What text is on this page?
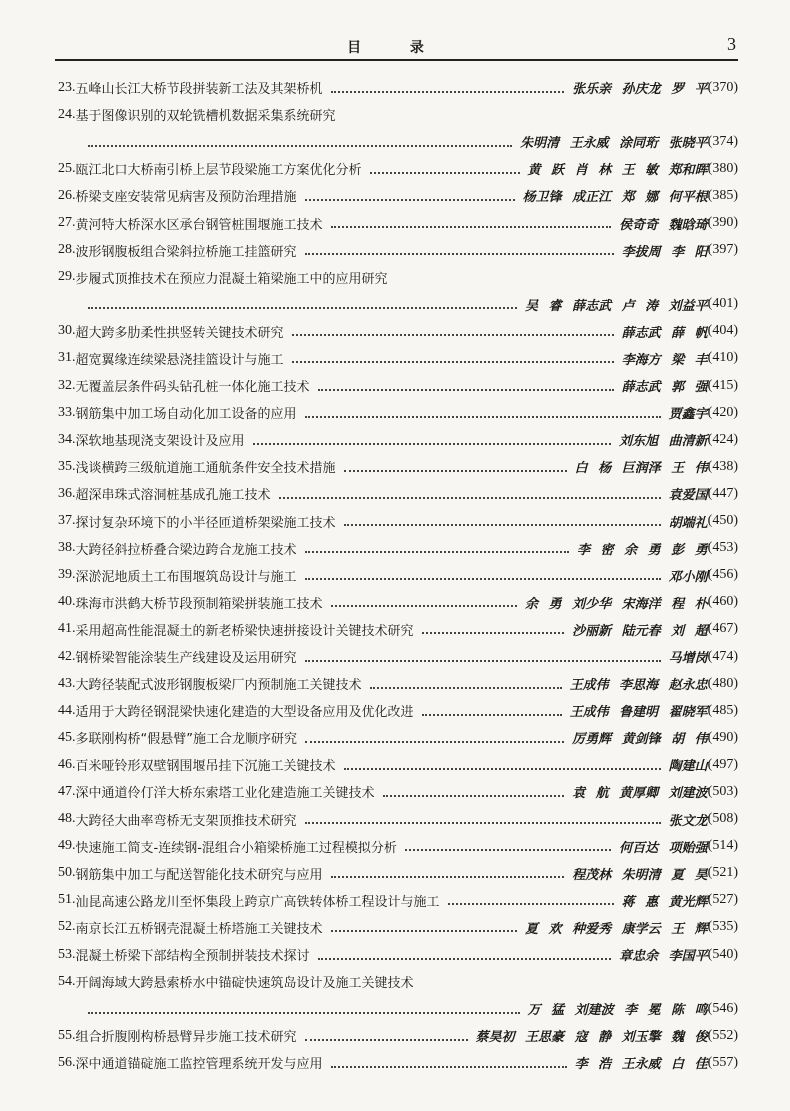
目 录	3
23. 五峰山长江大桥节段拼装新工法及其架桥机	张乐亲 孙庆龙 罗 平 (370)
24. 基于图像识别的双轮铣槽机数据采集系统研究
朱明清 王永威 涂同珩 张晓平 (374)
25. 瓯江北口大桥南引桥上层节段梁施工方案优化分析	黄 跃 肖 林 王 敏 郑和晖 (380)
26. 桥梁支座安装常见病害及预防治理措施	杨卫锋 成正江 郑 娜 何平根 (385)
27. 黄河特大桥深水区承台钢管桩围堰施工技术	侯奇奇 魏晗琦 (390)
28. 波形钢腹板组合梁斜拉桥施工挂篮研究	李拔周 李 阳 (397)
29. 步履式顶推技术在预应力混凝土箱梁施工中的应用研究
吴 睿 薛志武 卢 涛 刘益平 (401)
30. 超大跨多肋柔性拱竖转关键技术研究	薛志武 薛 帆 (404)
31. 超宽翼缘连续梁悬浇挂篮设计与施工	李海方 梁 丰 (410)
32. 无覆盖层条件码头钻孔桩一体化施工技术	薛志武 郭 强 (415)
33. 钢筋集中加工场自动化加工设备的应用	贾鑫宇 (420)
34. 深软地基现浇支架设计及应用	刘东旭 曲清新 (424)
35. 浅谈横跨三级航道施工通航条件安全技术措施	白 杨 巨润泽 王 伟 (438)
36. 超深串珠式溶洞桩基成孔施工技术	袁爱国 (447)
37. 探讨复杂环境下的小半径匝道桥架梁施工技术	胡端礼 (450)
38. 大跨径斜拉桥叠合梁边跨合龙施工技术	李 密 余 勇 彭 勇 (453)
39. 深淤泥地质土工布围堰筑岛设计与施工	邓小刚 (456)
40. 珠海市洪鹤大桥节段预制箱梁拼装施工技术	余 勇 刘少华 宋海洋 程 朴 (460)
41. 采用超高性能混凝土的新老桥梁快速拼接设计关键技术研究	沙丽新 陆元春 刘 超 (467)
42. 钢桥梁智能涂装生产线建设及运用研究	马增岗 (474)
43. 大跨径装配式波形钢腹板梁厂内预制施工关键技术	王成伟 李思海 赵永忠 (480)
44. 适用于大跨径钢混梁快速化建造的大型设备应用及优化改进	王成伟 鲁建明 翟晓军 (485)
45. 多联刚构桥“假悬臂”施工合龙顺序研究	厉勇辉 黄剑锋 胡 伟 (490)
46. 百米哑铃形双壁钢围堰吊挂下沉施工关键技术	陶建山 (497)
47. 深中通道伶仃洋大桥东索塔工业化建造施工关键技术	袁 航 黄厚卿 刘建波 (503)
48. 大跨径大曲率弯桥无支架顶推技术研究	张文龙 (508)
49. 快速施工简支-连续钢-混组合小箱梁桥施工过程模拟分析	何百达 项贻强 (514)
50. 钢筋集中加工与配送智能化技术研究与应用	程茂林 朱明清 夏 昊 (521)
51. 汕昆高速公路龙川至怀集段上跨京广高铁转体桥工程设计与施工	蒋 惠 黄光辉 (527)
52. 南京长江五桥钢壳混凝土桥塔施工关键技术	夏 欢 种爱秀 康学云 王 辉 (535)
53. 混凝土桥梁下部结构全预制拼装技术探讨	章忠余 李国平 (540)
54. 开阔海域大跨悬索桥水中锚碇快速筑岛设计及施工关键技术
万 猛 刘建波 李 冕 陈 鸣 (546)
55. 组合折腹刚构桥悬臂异步施工技术研究	蔡昊初 王思豪 寇 静 刘玉擎 魏 俊 (552)
56. 深中通道锚碇施工监控管理系统开发与应用	李 浩 王永威 白 佳 (557)
